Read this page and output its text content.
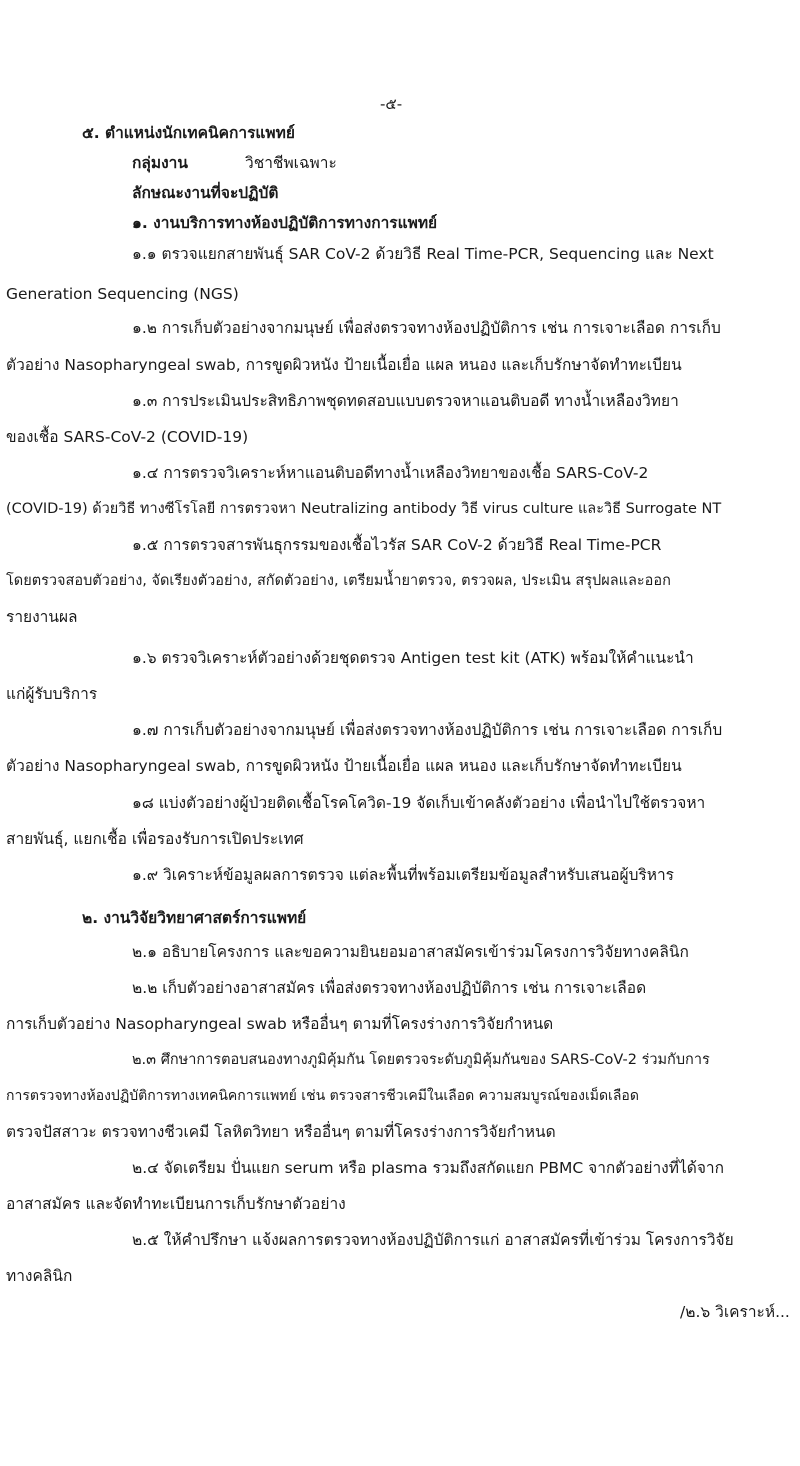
-๕-
๕. ตำแหน่งนักเทคนิคการแพทย์
กลุ่มงาน	วิชาชีพเฉพาะ
ลักษณะงานที่จะปฏิบัติ
๑. งานบริการทางห้องปฏิบัติการทางการแพทย์
๑.๑ ตรวจแยกสายพันธุ์ SAR CoV-2 ด้วยวิธี Real Time-PCR, Sequencing และ Next
Generation Sequencing (NGS)
๑.๒ การเก็บตัวอย่างจากมนุษย์ เพื่อส่งตรวจทางห้องปฏิบัติการ เช่น การเจาะเลือด การเก็บ
ตัวอย่าง Nasopharyngeal swab, การขูดผิวหนัง ป้ายเนื้อเยื่อ แผล หนอง และเก็บรักษาจัดทำทะเบียน
๑.๓ การประเมินประสิทธิภาพชุดทดสอบแบบตรวจหาแอนติบอดี ทางน้ำเหลืองวิทยา
ของเชื้อ SARS-CoV-2 (COVID-19)
๑.๔ การตรวจวิเคราะห์หาแอนติบอดีทางน้ำเหลืองวิทยาของเชื้อ SARS-CoV-2
(COVID-19) ด้วยวิธี ทางซีโรโลยี การตรวจหา Neutralizing antibody วิธี virus culture และวิธี Surrogate NT
๑.๕ การตรวจสารพันธุกรรมของเชื้อไวรัส SAR CoV-2 ด้วยวิธี Real Time-PCR
โดยตรวจสอบตัวอย่าง, จัดเรียงตัวอย่าง, สกัดตัวอย่าง, เตรียมน้ำยาตรวจ, ตรวจผล, ประเมิน สรุปผลและออก
รายงานผล
๑.๖ ตรวจวิเคราะห์ตัวอย่างด้วยชุดตรวจ Antigen test kit (ATK) พร้อมให้คำแนะนำ
แก่ผู้รับบริการ
๑.๗ การเก็บตัวอย่างจากมนุษย์ เพื่อส่งตรวจทางห้องปฏิบัติการ เช่น การเจาะเลือด การเก็บ
ตัวอย่าง Nasopharyngeal swab, การขูดผิวหนัง ป้ายเนื้อเยื่อ แผล หนอง และเก็บรักษาจัดทำทะเบียน
๑๘ แบ่งตัวอย่างผู้ป่วยติดเชื้อโรคโควิด-19 จัดเก็บเข้าคลังตัวอย่าง เพื่อนำไปใช้ตรวจหา
สายพันธุ์, แยกเชื้อ เพื่อรองรับการเปิดประเทศ
๑.๙ วิเคราะห์ข้อมูลผลการตรวจ แต่ละพื้นที่พร้อมเตรียมข้อมูลสำหรับเสนอผู้บริหาร
๒. งานวิจัยวิทยาศาสตร์การแพทย์
๒.๑ อธิบายโครงการ และขอความยินยอมอาสาสมัครเข้าร่วมโครงการวิจัยทางคลินิก
๒.๒ เก็บตัวอย่างอาสาสมัคร เพื่อส่งตรวจทางห้องปฏิบัติการ เช่น การเจาะเลือด
การเก็บตัวอย่าง Nasopharyngeal swab หรืออื่นๆ ตามที่โครงร่างการวิจัยกำหนด
๒.๓ ศึกษาการตอบสนองทางภูมิคุ้มกัน โดยตรวจระดับภูมิคุ้มกันของ SARS-CoV-2 ร่วมกับการ
การตรวจทางห้องปฏิบัติการทางเทคนิคการแพทย์ เช่น ตรวจสารชีวเคมีในเลือด ความสมบูรณ์ของเม็ดเลือด
ตรวจปัสสาวะ ตรวจทางชีวเคมี โลหิตวิทยา หรืออื่นๆ ตามที่โครงร่างการวิจัยกำหนด
๒.๔ จัดเตรียม ปั่นแยก serum หรือ plasma รวมถึงสกัดแยก PBMC จากตัวอย่างที่ได้จาก
อาสาสมัคร และจัดทำทะเบียนการเก็บรักษาตัวอย่าง
๒.๕ ให้คำปรึกษา แจ้งผลการตรวจทางห้องปฏิบัติการแก่ อาสาสมัครที่เข้าร่วม โครงการวิจัย
ทางคลินิก
/๒.๖ วิเคราะห์...
